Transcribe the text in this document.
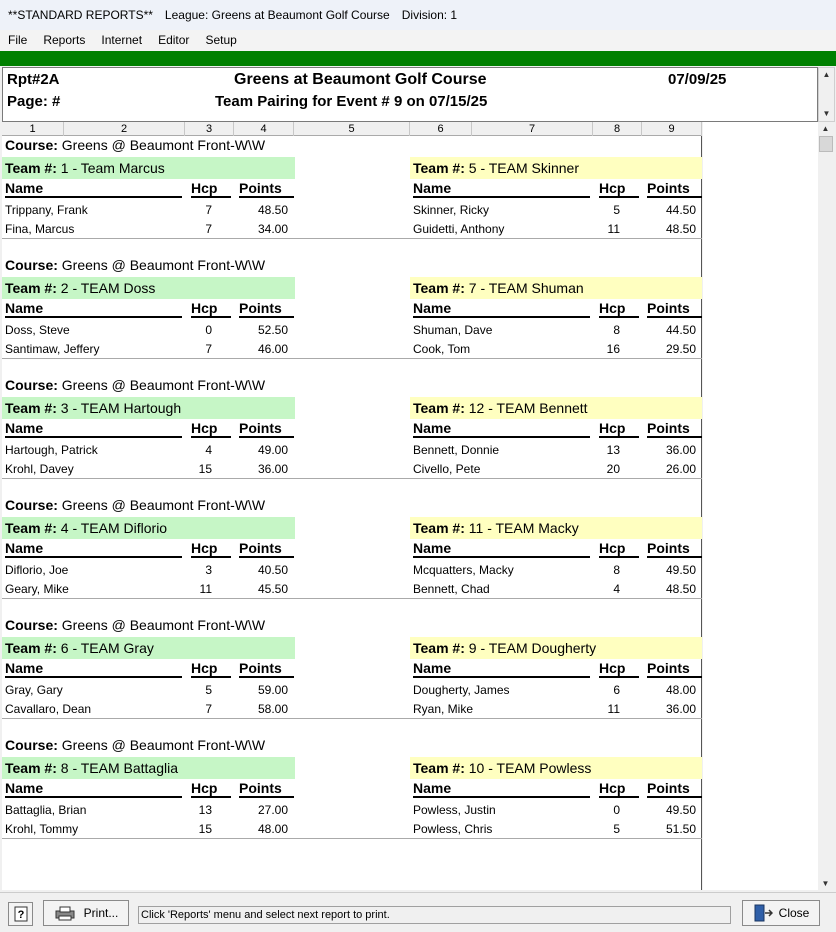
**STANDARD REPORTS** League: Greens at Beaumont Golf Course Division: 1
File	Reports	Internet	Editor	Setup
Rpt#2A
Page: #
Greens at Beaumont Golf Course
Team Pairing for Event # 9 on 07/15/25
07/09/25	▲
▼
1	2	3	4	5	6	7	8	9
Course: Greens @ Beaumont Front-W\W
Team #: 1 - Team Marcus
Name	Hcp	Points
Trippany, Frank	7	48.50
Fina, Marcus	7	34.00
Team #: 5 - TEAM Skinner
Name	Hcp	Points
Skinner, Ricky	5	44.50
Guidetti, Anthony	11	48.50
Course: Greens @ Beaumont Front-W\W
Team #: 2 - TEAM Doss
Name	Hcp	Points
Doss, Steve	0	52.50
Santimaw, Jeffery	7	46.00
Team #: 7 - TEAM Shuman
Name	Hcp	Points
Shuman, Dave	8	44.50
Cook, Tom	16	29.50
Course: Greens @ Beaumont Front-W\W
Team #: 3 - TEAM Hartough
Name	Hcp	Points
Hartough, Patrick	4	49.00
Krohl, Davey	15	36.00
Team #: 12 - TEAM Bennett
Name	Hcp	Points
Bennett, Donnie	13	36.00
Civello, Pete	20	26.00
Course: Greens @ Beaumont Front-W\W
Team #: 4 - TEAM Diflorio
Name	Hcp	Points
Diflorio, Joe	3	40.50
Geary, Mike	11	45.50
Team #: 11 - TEAM Macky
Name	Hcp	Points
Mcquatters, Macky	8	49.50
Bennett, Chad	4	48.50
Course: Greens @ Beaumont Front-W\W
Team #: 6 - TEAM Gray
Name	Hcp	Points
Gray, Gary	5	59.00
Cavallaro, Dean	7	58.00
Team #: 9 - TEAM Dougherty
Name	Hcp	Points
Dougherty, James	6	48.00
Ryan, Mike	11	36.00
Course: Greens @ Beaumont Front-W\W
Team #: 8 - TEAM Battaglia
Name	Hcp	Points
Battaglia, Brian	13	27.00
Krohl, Tommy	15	48.00
Team #: 10 - TEAM Powless
Name	Hcp	Points
Powless, Justin	0	49.50
Powless, Chris	5	51.50
▲
▼
?	Print... Click 'Reports' menu and select next report to print.	Close
